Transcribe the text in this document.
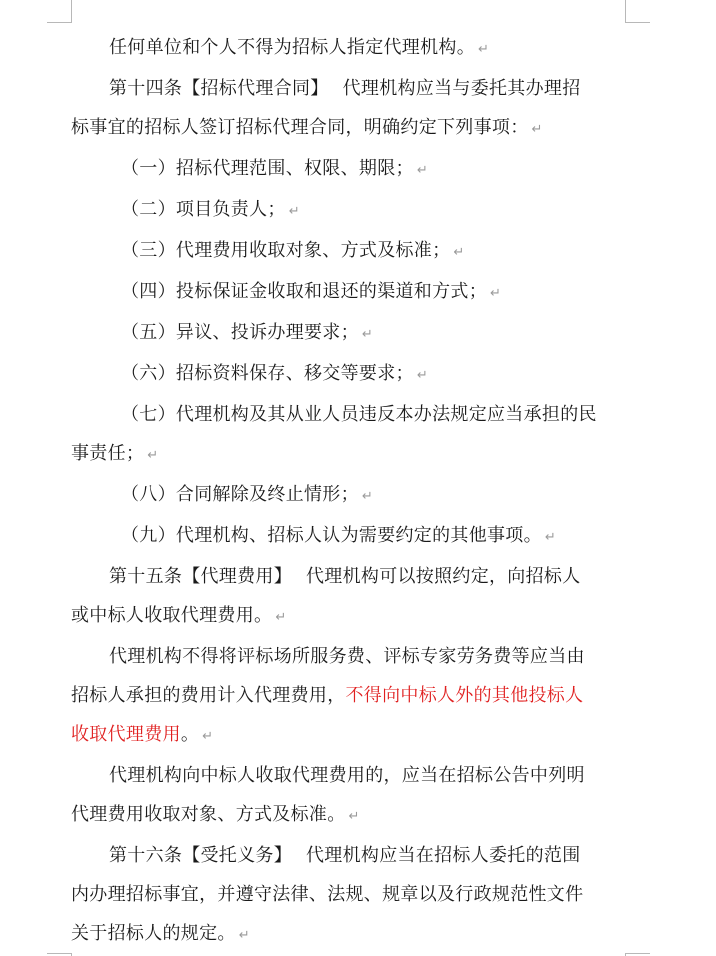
任何单位和个人不得为招标人指定代理机构。 ↵

第十四条【招标代理合同】 代理机构应当与委托其办理招

标事宜的招标人签订招标代理合同，明确约定下列事项： ↵

（一）招标代理范围、权限、期限； ↵

（二）项目负责人； ↵

（三）代理费用收取对象、方式及标准； ↵

（四）投标保证金收取和退还的渠道和方式； ↵

（五）异议、投诉办理要求； ↵

（六）招标资料保存、移交等要求； ↵

（七）代理机构及其从业人员违反本办法规定应当承担的民

事责任； ↵

（八）合同解除及终止情形； ↵

（九）代理机构、招标人认为需要约定的其他事项。 ↵

第十五条【代理费用】 代理机构可以按照约定，向招标人

或中标人收取代理费用。 ↵

代理机构不得将评标场所服务费、评标专家劳务费等应当由

招标人承担的费用计入代理费用，不得向中标人外的其他投标人

收取代理费用。 ↵

代理机构向中标人收取代理费用的，应当在招标公告中列明

代理费用收取对象、方式及标准。 ↵

第十六条【受托义务】 代理机构应当在招标人委托的范围

内办理招标事宜，并遵守法律、法规、规章以及行政规范性文件

关于招标人的规定。 ↵
